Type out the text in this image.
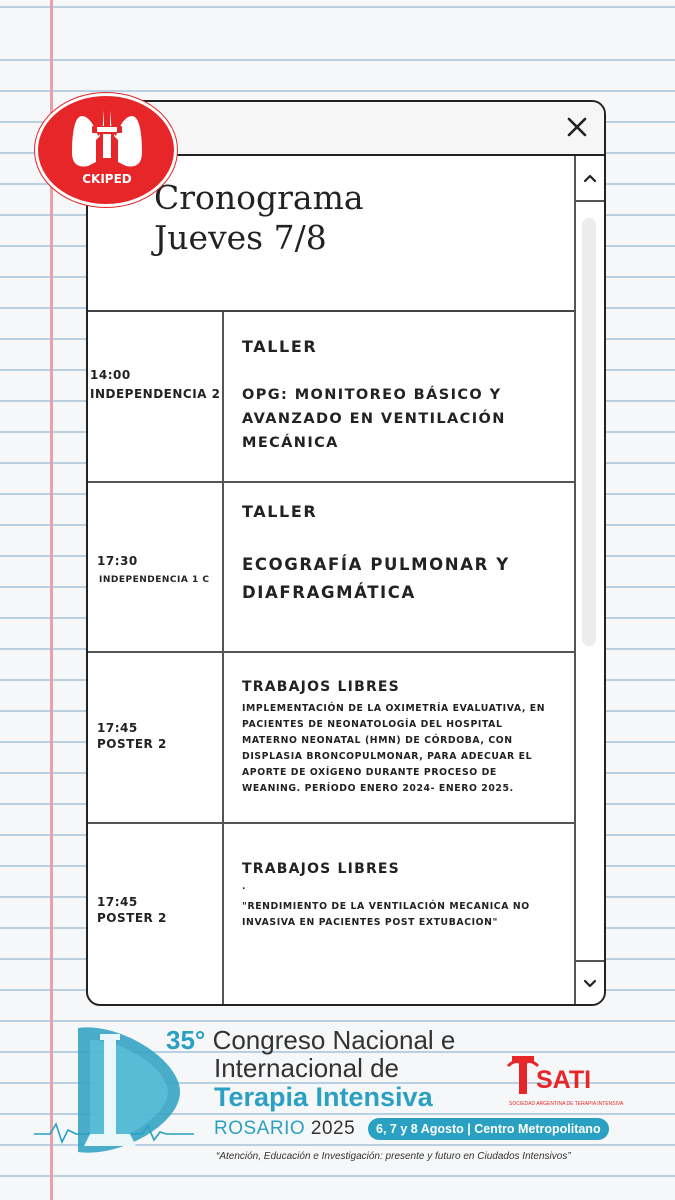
Cronograma
Jueves 7/8
14:00
INDEPENDENCIA 2
TALLER
OPG: MONITOREO BÁSICO Y AVANZADO EN VENTILACIÓN MECÁNICA
17:30
INDEPENDENCIA 1 C
TALLER
ECOGRAFÍA PULMONAR Y DIAFRAGMÁTICA
17:45
POSTER 2
TRABAJOS LIBRES
IMPLEMENTACIÓN DE LA OXIMETRÍA EVALUATIVA, EN PACIENTES DE NEONATOLOGÍA DEL HOSPITAL MATERNO NEONATAL (HMN) DE CÓRDOBA, CON DISPLASIA BRONCOPULMONAR, PARA ADECUAR EL APORTE DE OXÍGENO DURANTE PROCESO DE WEANING. PERÍODO ENERO 2024- ENERO 2025.
17:45
POSTER 2
TRABAJOS LIBRES
.
"RENDIMIENTO DE LA VENTILACIÓN MECANICA NO INVASIVA EN PACIENTES POST EXTUBACION"
CKIPED
35° Congreso Nacional e
Internacional de
Terapia Intensiva
ROSARIO 2025	6, 7 y 8 Agosto | Centro Metropolitano
“Atención, Educación e Investigación: presente y futuro en Ciudados Intensivos”
SATI
SOCIEDAD ARGENTINA DE TERAPIA INTENSIVA
